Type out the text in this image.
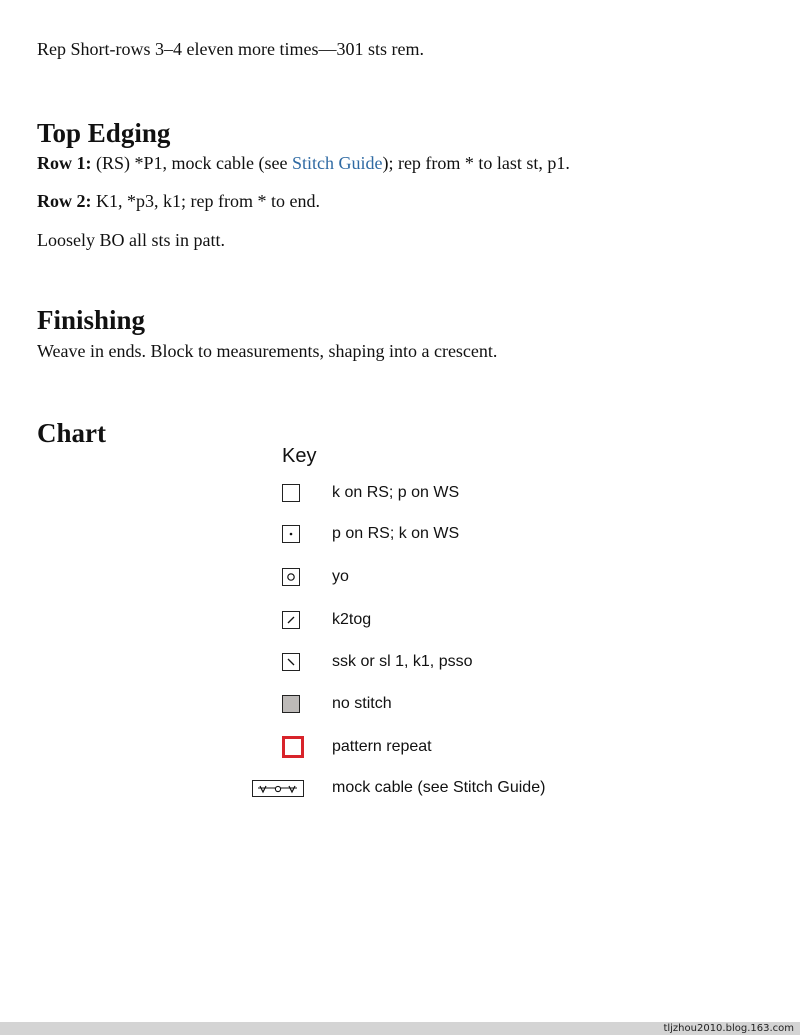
Rep Short-rows 3–4 eleven more times—301 sts rem.

Top Edging

Row 1: (RS) *P1, mock cable (see Stitch Guide); rep from * to last st, p1.

Row 2: K1, *p3, k1; rep from * to end.

Loosely BO all sts in patt.

Finishing

Weave in ends. Block to measurements, shaping into a crescent.

Chart
Key
k on RS; p on WS
p on RS; k on WS
yo
k2tog
ssk or sl 1, k1, psso
no stitch
pattern repeat
mock cable (see Stitch Guide)
tljzhou2010.blog.163.com
